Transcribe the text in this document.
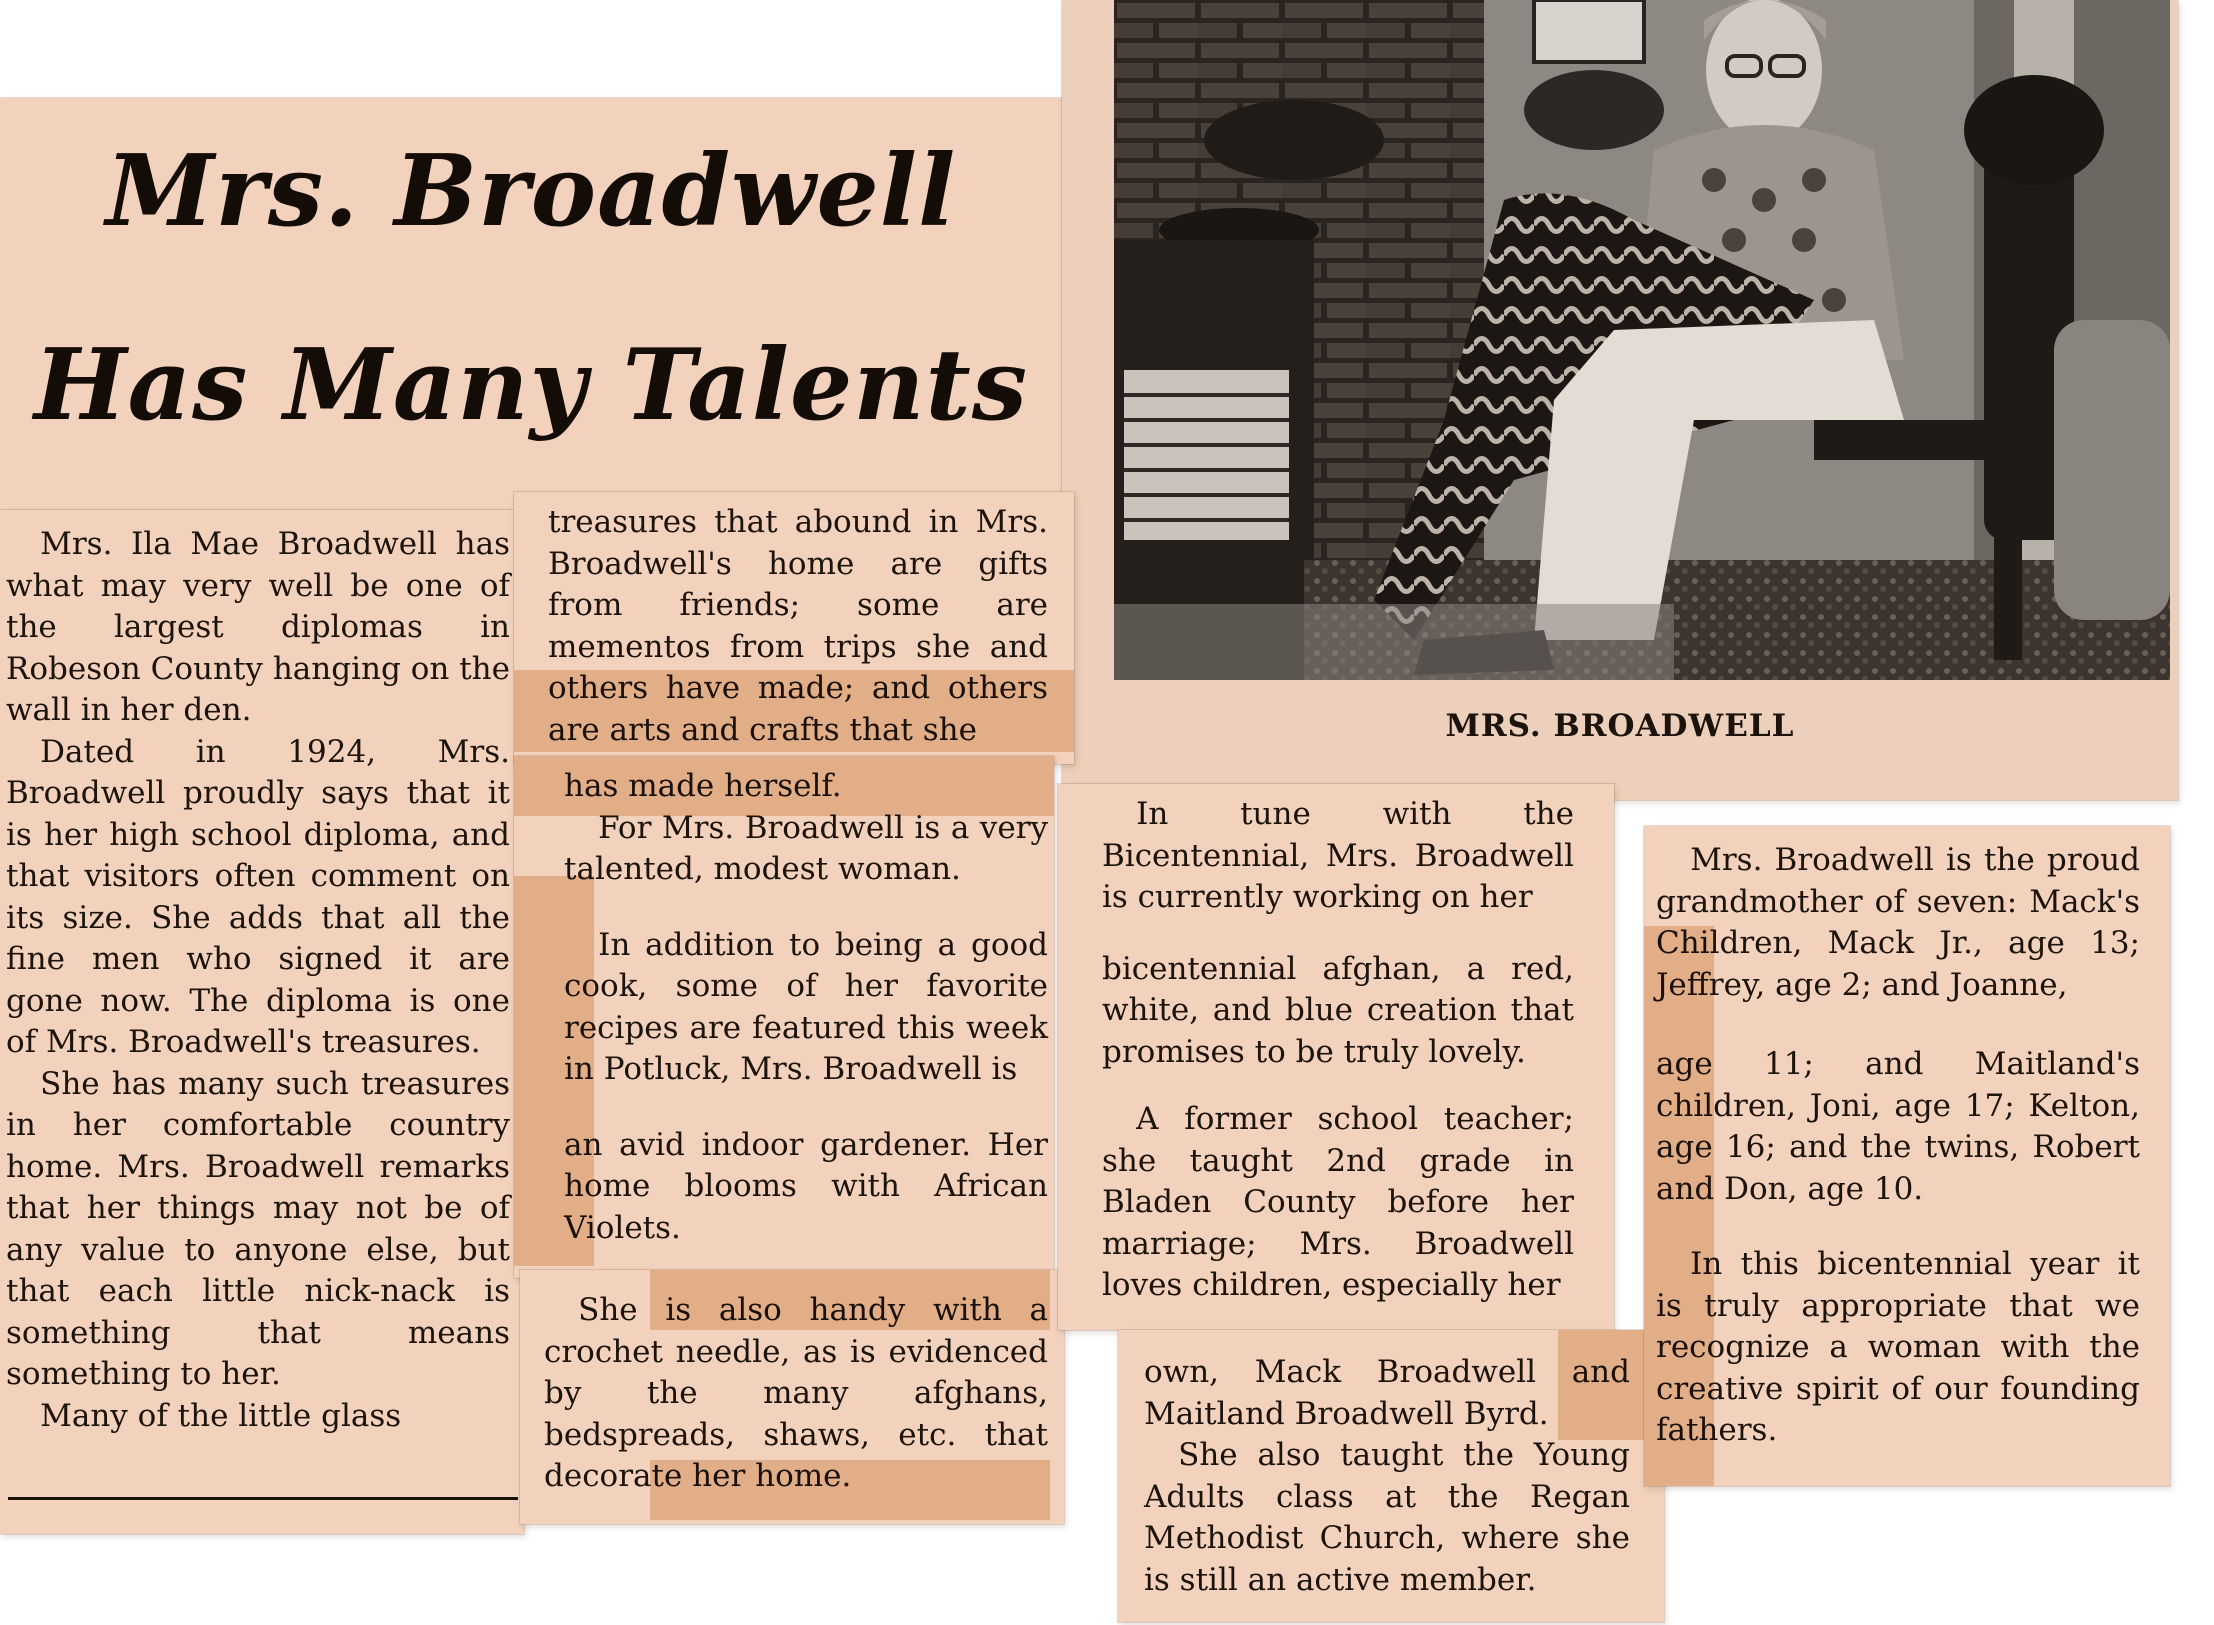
Mrs. Broadwell
Has Many Talents
MRS. BROADWELL

Mrs. Ila Mae Broadwell has what may very well be one of the largest diplomas in Robeson County hanging on the wall in her den.

Dated in 1924, Mrs. Broadwell proudly says that it is her high school diploma, and that visitors often comment on its size. She adds that all the fine men who signed it are gone now. The diploma is one of Mrs. Broadwell's treasures.

She has many such treasures in her comfortable country home. Mrs. Broadwell remarks that her things may not be of any value to anyone else, but that each little nick-nack is something that means something to her.

Many of the little glass

treasures that abound in Mrs. Broadwell's home are gifts from friends; some are mementos from trips she and others have made; and others are arts and crafts that she

has made herself.

For Mrs. Broadwell is a very talented, modest woman.

In addition to being a good cook, some of her favorite recipes are featured this week in Potluck, Mrs. Broadwell is

an avid indoor gardener. Her home blooms with African Violets.

She is also handy with a crochet needle, as is evidenced by the many afghans, bedspreads, shaws, etc. that decorate her home.

In tune with the Bicentennial, Mrs. Broadwell is currently working on her

bicentennial afghan, a red, white, and blue creation that promises to be truly lovely.

A former school teacher; she taught 2nd grade in Bladen County before her marriage; Mrs. Broadwell loves children, especially her

own, Mack Broadwell and Maitland Broadwell Byrd.

She also taught the Young Adults class at the Regan Methodist Church, where she is still an active member.

Mrs. Broadwell is the proud grandmother of seven: Mack's Children, Mack Jr., age 13; Jeffrey, age 2; and Joanne,

age 11; and Maitland's children, Joni, age 17; Kelton, age 16; and the twins, Robert and Don, age 10.

In this bicentennial year it is truly appropriate that we recognize a woman with the creative spirit of our founding fathers.
